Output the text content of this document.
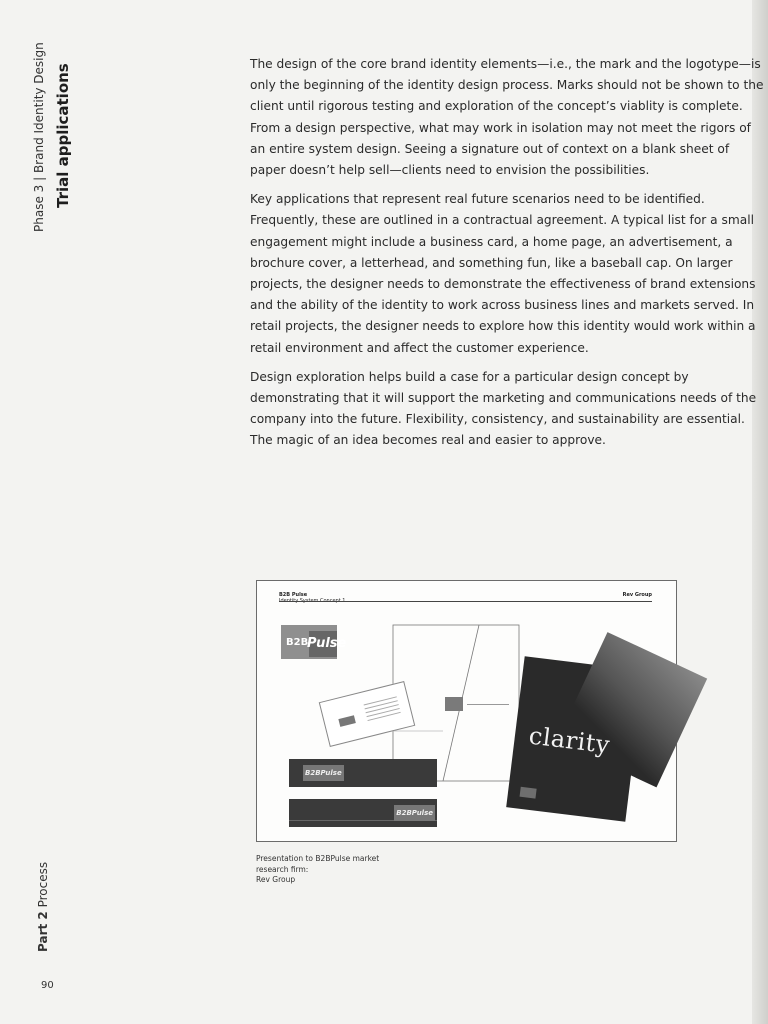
Phase 3 | Brand Identity Design Trial applications
Part 2 Process
90

The design of the core brand identity elements—i.e., the mark and the logotype—is only the beginning of the identity design process. Marks should not be shown to the client until rigorous testing and exploration of the concept’s viablity is complete. From a design perspective, what may work in isolation may not meet the rigors of an entire system design. Seeing a signature out of context on a blank sheet of paper doesn’t help sell—clients need to envision the possibilities.

Key applications that represent real future scenarios need to be identified. Frequently, these are outlined in a contractual agreement. A typical list for a small engagement might include a business card, a home page, an advertisement, a brochure cover, a letterhead, and something fun, like a baseball cap. On larger projects, the designer needs to demonstrate the effectiveness of brand extensions and the ability of the identity to work across business lines and markets served. In retail projects, the designer needs to explore how this identity would work within a retail environment and affect the customer experience.

Design exploration helps build a case for a particular design concept by demonstrating that it will support the marketing and communications needs of the company into the future. Flexibility, consistency, and sustainability are essential. The magic of an idea becomes real and easier to approve.

B2B Pulse
Identity System Concept 1
Rev Group
B2B
Pulse
B2BPulse
B2BPulse
clarity
Presentation to B2BPulse market
research firm:
Rev Group
